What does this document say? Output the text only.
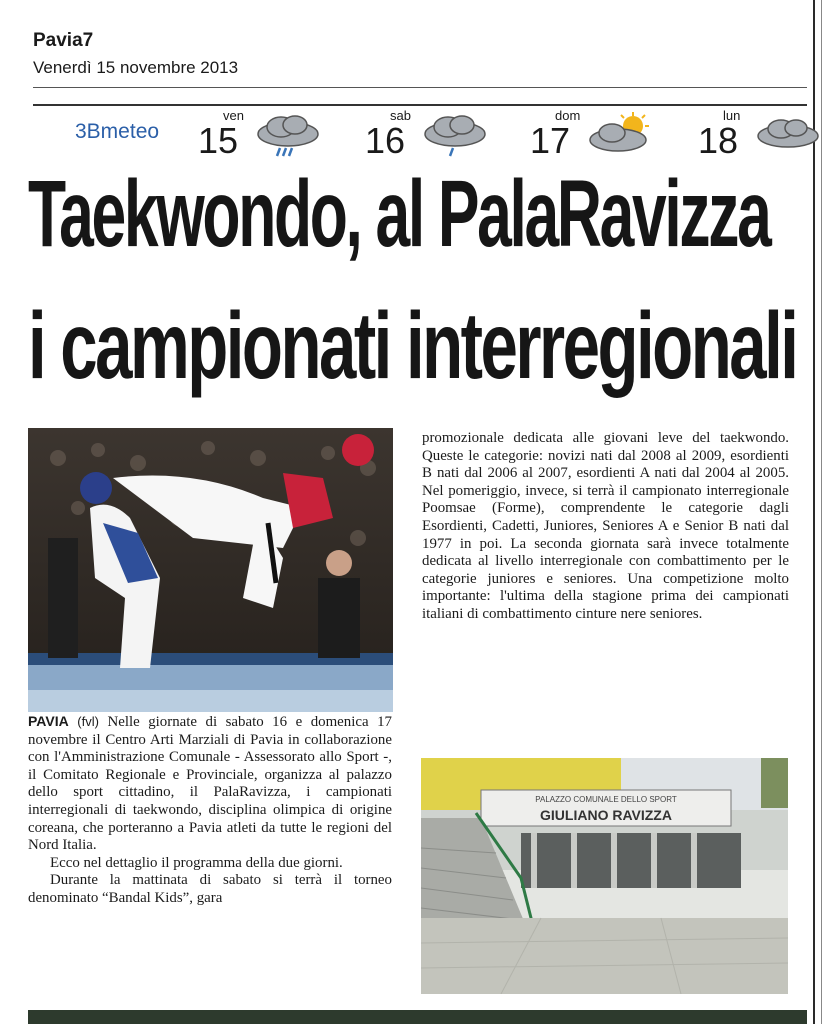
Pavia7
Venerdì 15 novembre 2013
3Bmeteo
ven
15
sab
16
dom
17
lun
18
Taekwondo, al PalaRavizza
i campionati interregionali

PAVIA (fvl) Nelle giornate di sabato 16 e domenica 17 novembre il Centro Arti Marziali di Pavia in collaborazione con l'Amministrazione Comunale - Assessorato allo Sport -, il Comitato Regionale e Provinciale, organizza al palazzo dello sport cittadino, il PalaRavizza, i campionati interregionali di taekwondo, disciplina olimpica di origine coreana, che porteranno a Pavia atleti da tutte le regioni del Nord Italia.

Ecco nel dettaglio il programma della due giorni.

Durante la mattinata di sabato si terrà il torneo denominato “Bandal Kids”, gara

promozionale dedicata alle giovani leve del taekwondo. Queste le categorie: novizi nati dal 2008 al 2009, esordienti B nati dal 2006 al 2007, esordienti A nati dal 2004 al 2005. Nel pomeriggio, invece, si terrà il campionato interregionale Poomsae (Forme), comprendente le categorie dagli Esordienti, Cadetti, Juniores, Seniores A e Senior B nati dal 1977 in poi. La seconda giornata sarà invece totalmente dedicata al livello interregionale con combattimento per le categorie juniores e seniores. Una competizione molto importante: l'ultima della stagione prima dei campionati italiani di combattimento cinture nere seniores.

PALAZZO COMUNALE DELLO SPORT
GIULIANO RAVIZZA
